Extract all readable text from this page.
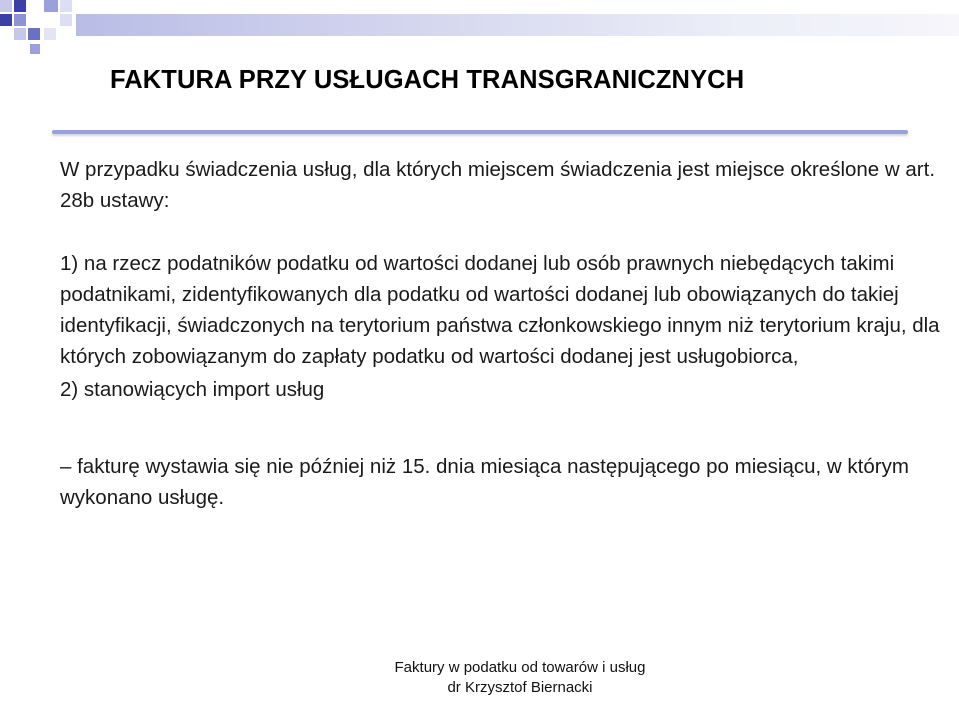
FAKTURA PRZY USŁUGACH TRANSGRANICZNYCH

W przypadku świadczenia usług, dla których miejscem świadczenia jest miejsce określone w art. 28b ustawy:

1) na rzecz podatników podatku od wartości dodanej lub osób prawnych niebędących takimi podatnikami, zidentyfikowanych dla podatku od wartości dodanej lub obowiązanych do takiej identyfikacji, świadczonych na terytorium państwa członkowskiego innym niż terytorium kraju, dla których zobowiązanym do zapłaty podatku od wartości dodanej jest usługobiorca,

2) stanowiących import usług

– fakturę wystawia się nie później niż 15. dnia miesiąca następującego po miesiącu, w którym wykonano usługę.

Faktury w podatku od towarów i usług
dr Krzysztof Biernacki
